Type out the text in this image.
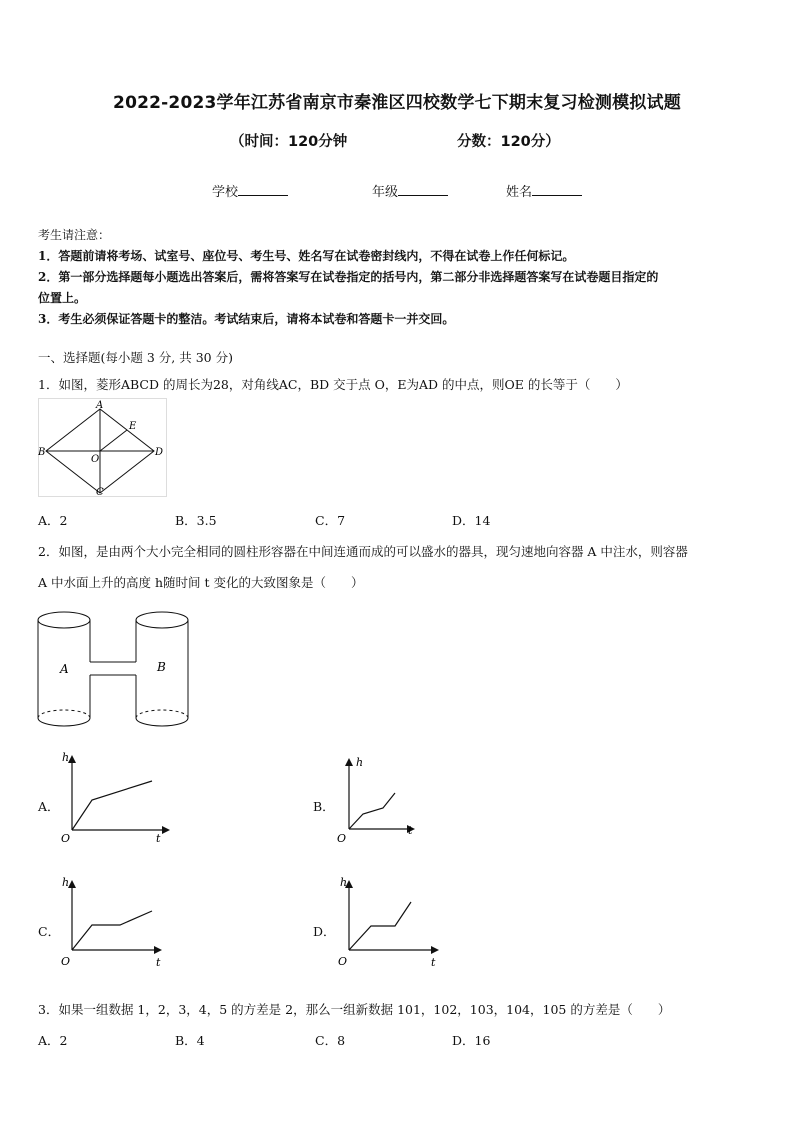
2022-2023学年江苏省南京市秦淮区四校数学七下期末复习检测模拟试题
（时间：120分钟	分数：120分）
学校	年级	姓名
考生请注意：
1．答题前请将考场、试室号、座位号、考生号、姓名写在试卷密封线内，不得在试卷上作任何标记。
2．第一部分选择题每小题选出答案后，需将答案写在试卷指定的括号内，第二部分非选择题答案写在试卷题目指定的
位置上。
3．考生必须保证答题卡的整洁。考试结束后，请将本试卷和答题卡一并交回。
一、选择题(每小题 3 分, 共 30 分)
1．如图，菱形ABCD 的周长为28，对角线AC，BD 交于点 O，E为AD 的中点，则OE 的长等于（　　）
A
B
C
D
E
O
A．2	B．3.5	C．7	D．14
2．如图，是由两个大小完全相同的圆柱形容器在中间连通而成的可以盛水的器具，现匀速地向容器 A 中注水，则容器
A 中水面上升的高度 h随时间 t 变化的大致图象是（　　）
A	B
A．
h
t
O
B．
h
t
O
C．
h
t
O
D．
h
t
O
3．如果一组数据 1，2，3，4，5 的方差是 2，那么一组新数据 101，102，103，104，105 的方差是（　　）
A．2	B．4	C．8	D．16
